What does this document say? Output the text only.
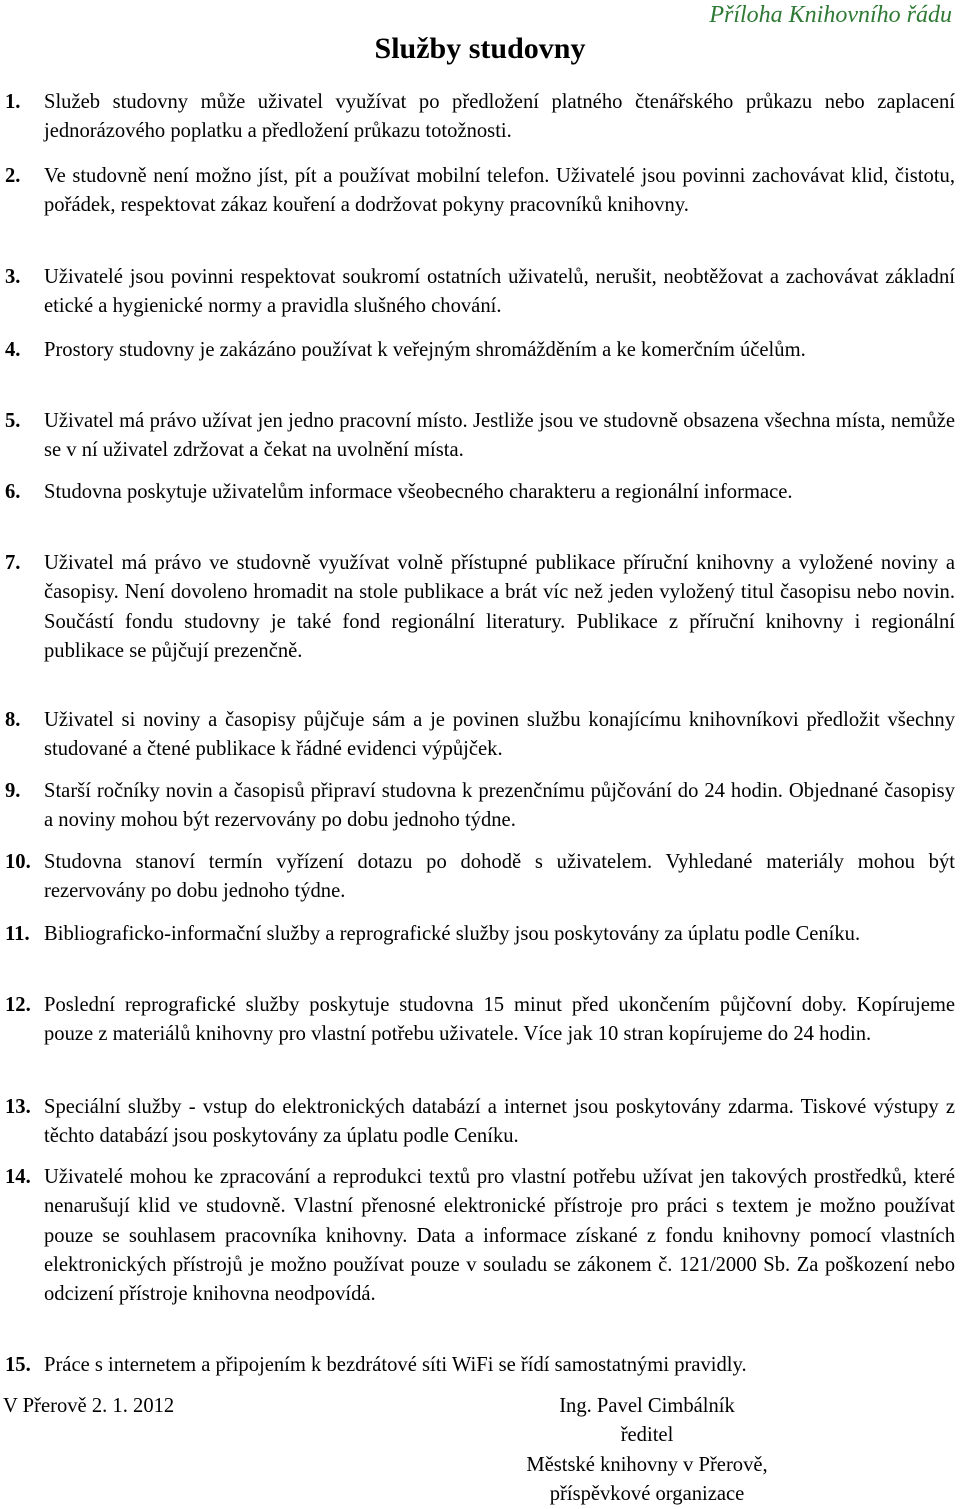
Příloha Knihovního řádu
Služby studovny
1. Služeb studovny může uživatel využívat po předložení platného čtenářského průkazu nebo zaplacení jednorázového poplatku a předložení průkazu totožnosti.
2. Ve studovně není možno jíst, pít a používat mobilní telefon. Uživatelé jsou povinni zachovávat klid, čistotu, pořádek, respektovat zákaz kouření a dodržovat pokyny pracovníků knihovny.
3. Uživatelé jsou povinni respektovat soukromí ostatních uživatelů, nerušit, neobtěžovat a zachovávat základní etické a hygienické normy a pravidla slušného chování.
4. Prostory studovny je zakázáno používat k veřejným shromážděním a ke komerčním účelům.
5. Uživatel má právo užívat jen jedno pracovní místo. Jestliže jsou ve studovně obsazena všechna místa, nemůže se v ní uživatel zdržovat a čekat na uvolnění místa.
6. Studovna poskytuje uživatelům informace všeobecného charakteru a regionální informace.
7. Uživatel má právo ve studovně využívat volně přístupné publikace příruční knihovny a vyložené noviny a časopisy. Není dovoleno hromadit na stole publikace a brát víc než jeden vyložený titul časopisu nebo novin. Součástí fondu studovny je také fond regionální literatury. Publikace z příruční knihovny i regionální publikace se půjčují prezenčně.
8. Uživatel si noviny a časopisy půjčuje sám a je povinen službu konajícímu knihovníkovi předložit všechny studované a čtené publikace k řádné evidenci výpůjček.
9. Starší ročníky novin a časopisů připraví studovna k prezenčnímu půjčování do 24 hodin. Objednané časopisy a noviny mohou být rezervovány po dobu jednoho týdne.
10. Studovna stanoví termín vyřízení dotazu po dohodě s uživatelem. Vyhledané materiály mohou být rezervovány po dobu jednoho týdne.
11. Bibliograficko-informační služby a reprografické služby jsou poskytovány za úplatu podle Ceníku.
12. Poslední reprografické služby poskytuje studovna 15 minut před ukončením půjčovní doby. Kopírujeme pouze z materiálů knihovny pro vlastní potřebu uživatele. Více jak 10 stran kopírujeme do 24 hodin.
13. Speciální služby - vstup do elektronických databází a internet jsou poskytovány zdarma. Tiskové výstupy z těchto databází jsou poskytovány za úplatu podle Ceníku.
14. Uživatelé mohou ke zpracování a reprodukci textů pro vlastní potřebu užívat jen takových prostředků, které nenarušují klid ve studovně. Vlastní přenosné elektronické přístroje pro práci s textem je možno používat pouze se souhlasem pracovníka knihovny. Data a informace získané z fondu knihovny pomocí vlastních elektronických přístrojů je možno používat pouze v souladu se zákonem č. 121/2000 Sb. Za poškození nebo odcizení přístroje knihovna neodpovídá.
15. Práce s internetem a připojením k bezdrátové síti WiFi se řídí samostatnými pravidly.
V Přerově 2. 1. 2012	Ing. Pavel Cimbálník
ředitel
Městské knihovny v Přerově,
příspěvkové organizace
